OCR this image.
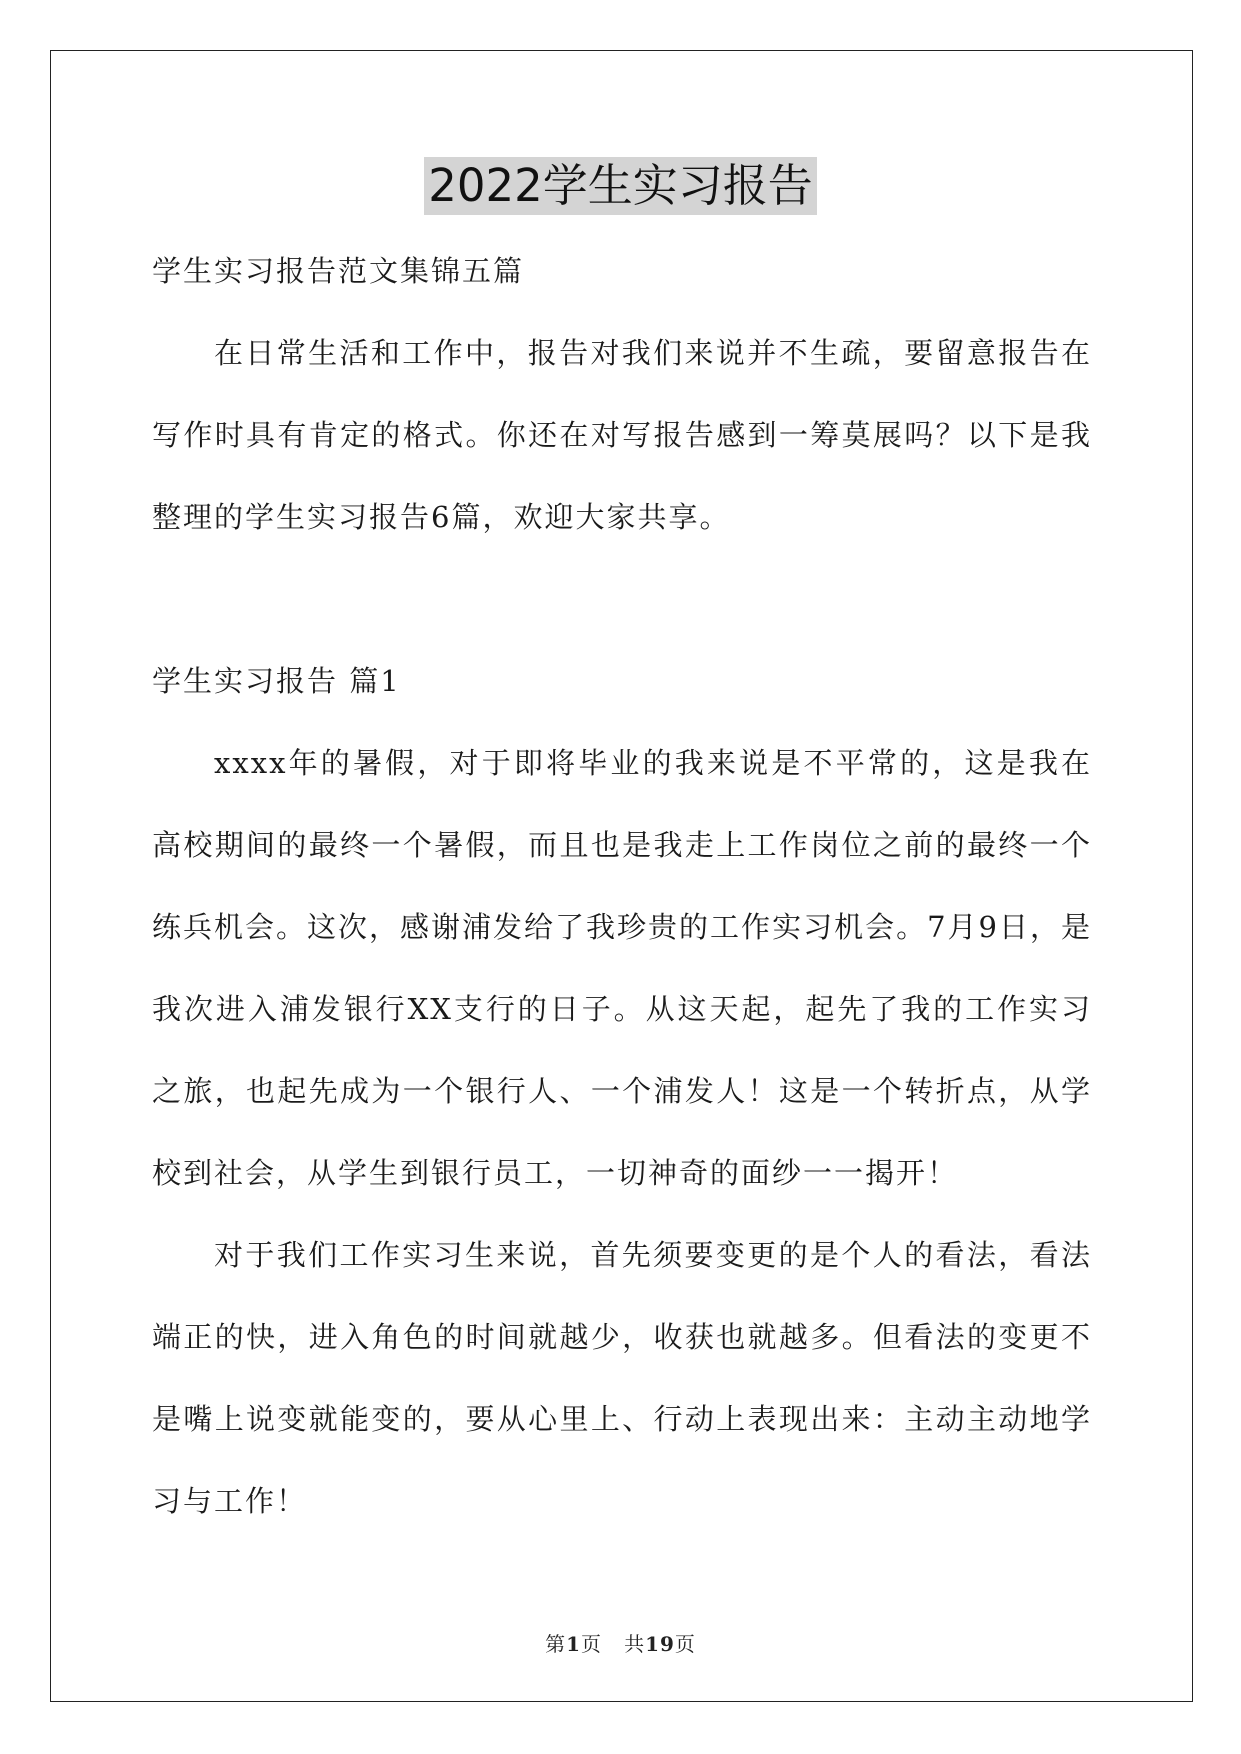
2022学生实习报告
学生实习报告范文集锦五篇

在日常生活和工作中，报告对我们来说并不生疏，要留意报告在写作时具有肯定的格式。你还在对写报告感到一筹莫展吗？以下是我整理的学生实习报告6篇，欢迎大家共享。

学生实习报告 篇1

xxxx年的暑假，对于即将毕业的我来说是不平常的，这是我在高校期间的最终一个暑假，而且也是我走上工作岗位之前的最终一个练兵机会。这次，感谢浦发给了我珍贵的工作实习机会。7月9日，是我次进入浦发银行XX支行的日子。从这天起，起先了我的工作实习之旅，也起先成为一个银行人、一个浦发人！这是一个转折点，从学校到社会，从学生到银行员工，一切神奇的面纱一一揭开！

对于我们工作实习生来说，首先须要变更的是个人的看法，看法端正的快，进入角色的时间就越少，收获也就越多。但看法的变更不是嘴上说变就能变的，要从心里上、行动上表现出来：主动主动地学习与工作！

第1页 共19页
